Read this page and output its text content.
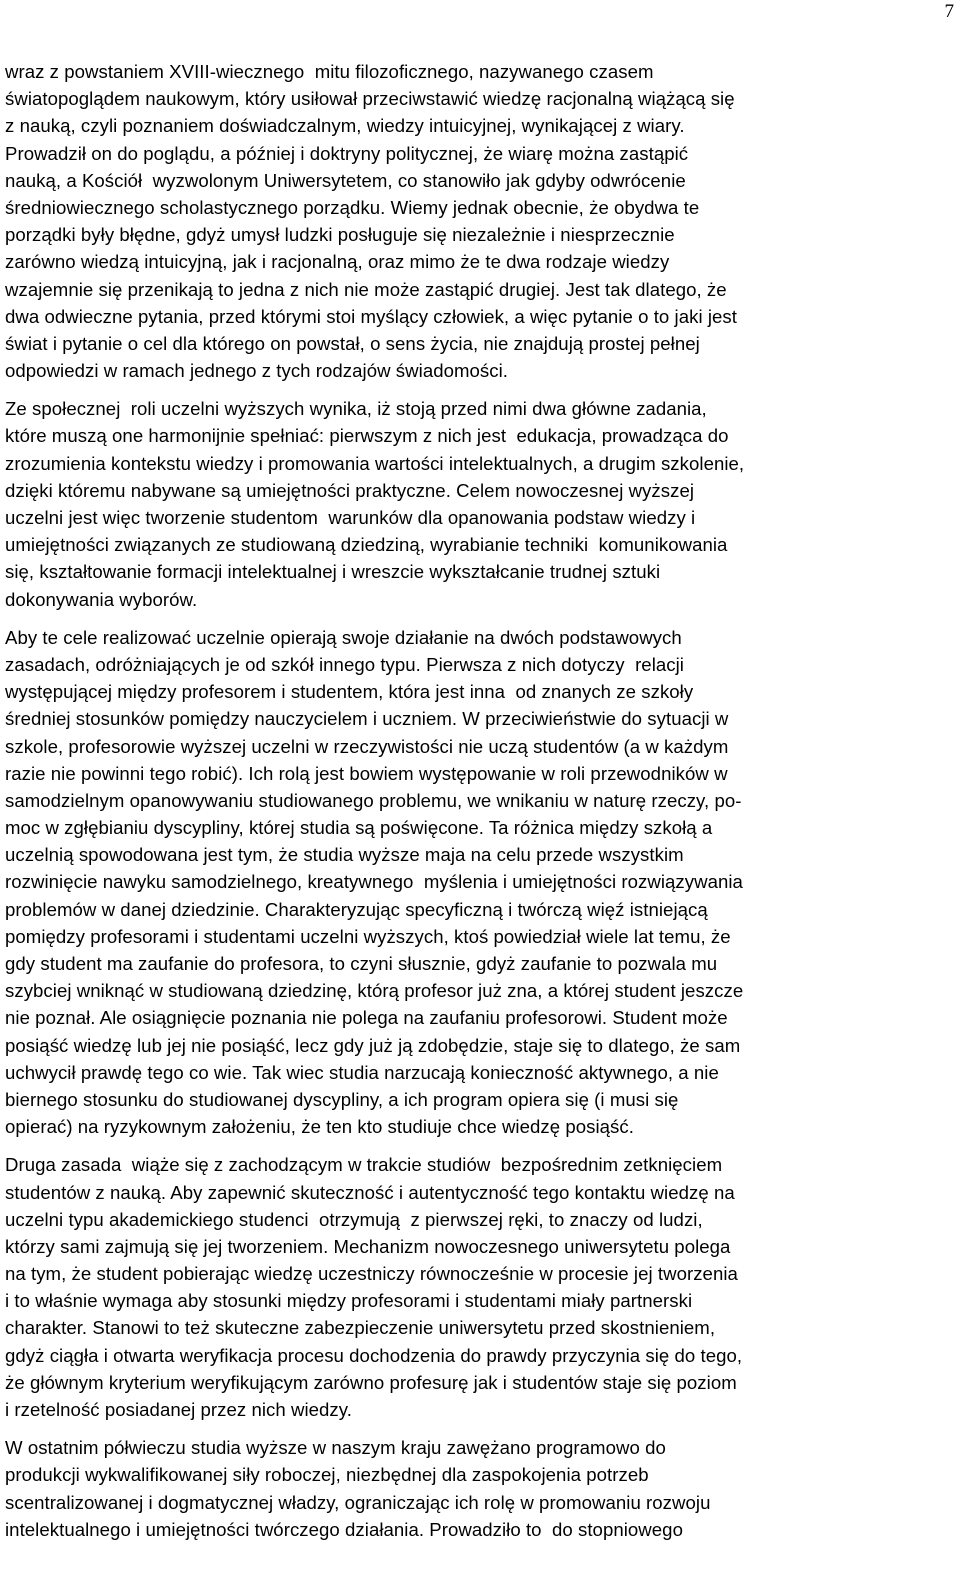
7

wraz z powstaniem XVIII-wiecznego  mitu filozoficznego, nazywanego czasem
światopoglądem naukowym, który usiłował przeciwstawić wiedzę racjonalną wiążącą się
z nauką, czyli poznaniem doświadczalnym, wiedzy intuicyjnej, wynikającej z wiary.
Prowadził on do poglądu, a później i doktryny politycznej, że wiarę można zastąpić
nauką, a Kościół  wyzwolonym Uniwersytetem, co stanowiło jak gdyby odwrócenie
średniowiecznego scholastycznego porządku. Wiemy jednak obecnie, że obydwa te
porządki były błędne, gdyż umysł ludzki posługuje się niezależnie i niesprzecznie
zarówno wiedzą intuicyjną, jak i racjonalną, oraz mimo że te dwa rodzaje wiedzy
wzajemnie się przenikają to jedna z nich nie może zastąpić drugiej. Jest tak dlatego, że
dwa odwieczne pytania, przed którymi stoi myślący człowiek, a więc pytanie o to jaki jest
świat i pytanie o cel dla którego on powstał, o sens życia, nie znajdują prostej pełnej
odpowiedzi w ramach jednego z tych rodzajów świadomości.

Ze społecznej  roli uczelni wyższych wynika, iż stoją przed nimi dwa główne zadania,
które muszą one harmonijnie spełniać: pierwszym z nich jest  edukacja, prowadząca do
zrozumienia kontekstu wiedzy i promowania wartości intelektualnych, a drugim szkolenie,
dzięki któremu nabywane są umiejętności praktyczne. Celem nowoczesnej wyższej
uczelni jest więc tworzenie studentom  warunków dla opanowania podstaw wiedzy i
umiejętności związanych ze studiowaną dziedziną, wyrabianie techniki  komunikowania
się, kształtowanie formacji intelektualnej i wreszcie wykształcanie trudnej sztuki
dokonywania wyborów.

Aby te cele realizować uczelnie opierają swoje działanie na dwóch podstawowych
zasadach, odróżniających je od szkół innego typu. Pierwsza z nich dotyczy  relacji
występującej między profesorem i studentem, która jest inna  od znanych ze szkoły
średniej stosunków pomiędzy nauczycielem i uczniem. W przeciwieństwie do sytuacji w
szkole, profesorowie wyższej uczelni w rzeczywistości nie uczą studentów (a w każdym
razie nie powinni tego robić). Ich rolą jest bowiem występowanie w roli przewodników w
samodzielnym opanowywaniu studiowanego problemu, we wnikaniu w naturę rzeczy, po-
moc w zgłębianiu dyscypliny, której studia są poświęcone. Ta różnica między szkołą a
uczelnią spowodowana jest tym, że studia wyższe maja na celu przede wszystkim
rozwinięcie nawyku samodzielnego, kreatywnego  myślenia i umiejętności rozwiązywania
problemów w danej dziedzinie. Charakteryzując specyficzną i twórczą więź istniejącą
pomiędzy profesorami i studentami uczelni wyższych, ktoś powiedział wiele lat temu, że
gdy student ma zaufanie do profesora, to czyni słusznie, gdyż zaufanie to pozwala mu
szybciej wniknąć w studiowaną dziedzinę, którą profesor już zna, a której student jeszcze
nie poznał. Ale osiągnięcie poznania nie polega na zaufaniu profesorowi. Student może
posiąść wiedzę lub jej nie posiąść, lecz gdy już ją zdobędzie, staje się to dlatego, że sam
uchwycił prawdę tego co wie. Tak wiec studia narzucają konieczność aktywnego, a nie
biernego stosunku do studiowanej dyscypliny, a ich program opiera się (i musi się
opierać) na ryzykownym założeniu, że ten kto studiuje chce wiedzę posiąść.

Druga zasada  wiąże się z zachodzącym w trakcie studiów  bezpośrednim zetknięciem
studentów z nauką. Aby zapewnić skuteczność i autentyczność tego kontaktu wiedzę na
uczelni typu akademickiego studenci  otrzymują  z pierwszej ręki, to znaczy od ludzi,
którzy sami zajmują się jej tworzeniem. Mechanizm nowoczesnego uniwersytetu polega
na tym, że student pobierając wiedzę uczestniczy równocześnie w procesie jej tworzenia
i to właśnie wymaga aby stosunki między profesorami i studentami miały partnerski
charakter. Stanowi to też skuteczne zabezpieczenie uniwersytetu przed skostnieniem,
gdyż ciągła i otwarta weryfikacja procesu dochodzenia do prawdy przyczynia się do tego,
że głównym kryterium weryfikującym zarówno profesurę jak i studentów staje się poziom
i rzetelność posiadanej przez nich wiedzy.

W ostatnim półwieczu studia wyższe w naszym kraju zawężano programowo do
produkcji wykwalifikowanej siły roboczej, niezbędnej dla zaspokojenia potrzeb
scentralizowanej i dogmatycznej władzy, ograniczając ich rolę w promowaniu rozwoju
intelektualnego i umiejętności twórczego działania. Prowadziło to  do stopniowego
